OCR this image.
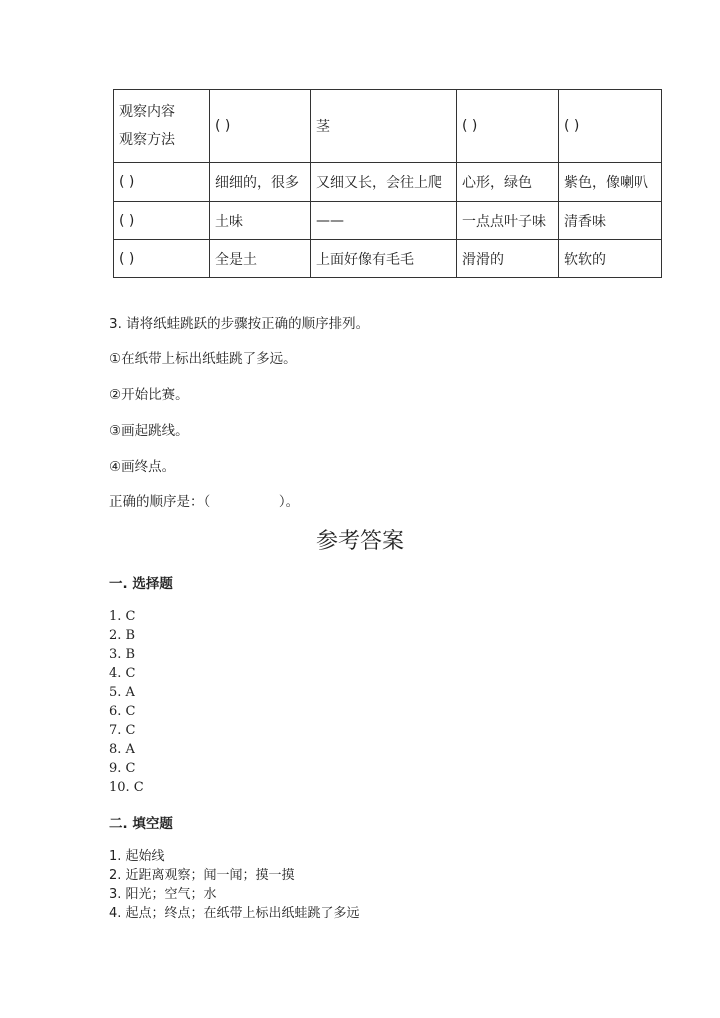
观察内容
观察方法	( )	茎	( )	( )
( )	细细的，很多	又细又长，会往上爬	心形，绿色	紫色，像喇叭
( )	土味	——	一点点叶子味	清香味
( )	全是土	上面好像有毛毛	滑滑的	软软的
3. 请将纸蛙跳跃的步骤按正确的顺序排列。
①在纸带上标出纸蛙跳了多远。
②开始比赛。
③画起跳线。
④画终点。
正确的顺序是：（                ）。
参考答案
一. 选择题
1. C
2. B
3. B
4. C
5. A
6. C
7. C
8. A
9. C
10. C
二. 填空题
1. 起始线
2. 近距离观察；闻一闻；摸一摸
3. 阳光；空气；水
4. 起点；终点；在纸带上标出纸蛙跳了多远
